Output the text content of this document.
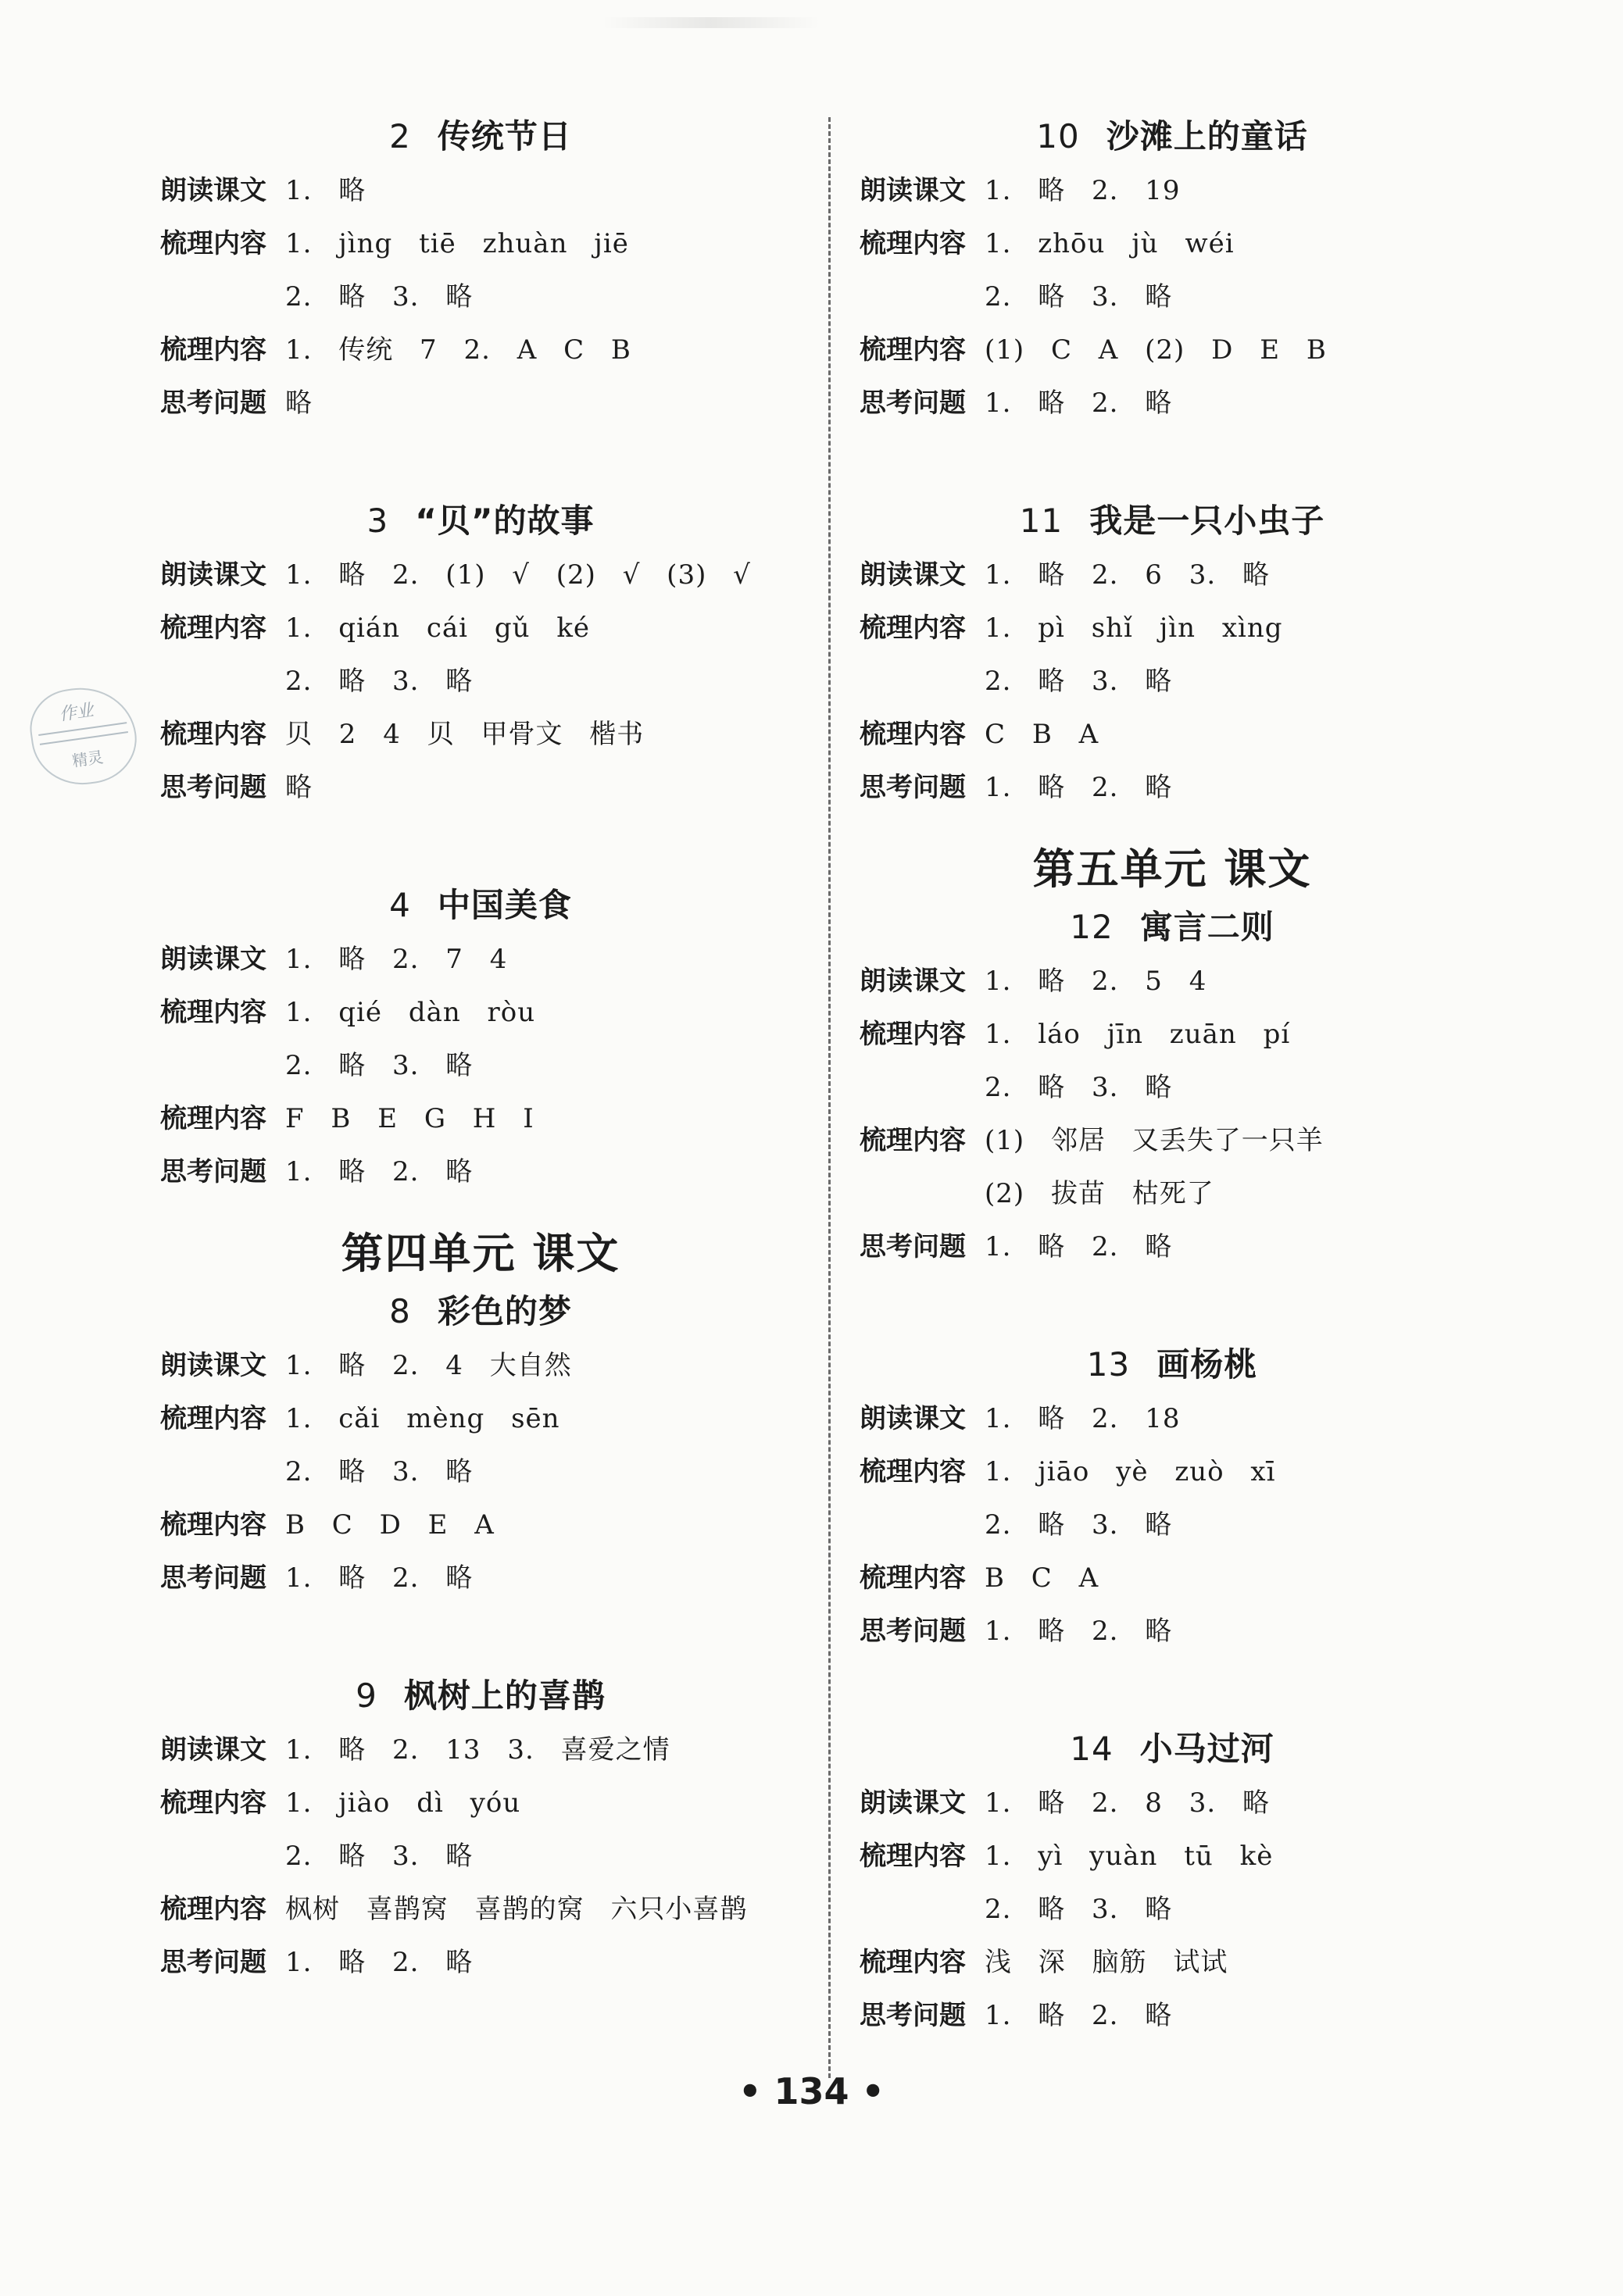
作业
精灵
2 传统节日
朗读课文 1. 略
梳理内容 1. jìng tiē zhuàn jiē
2. 略 3. 略
梳理内容 1. 传统 7 2. A C B
思考问题 略
3 “贝”的故事
朗读课文 1. 略 2. (1) √ (2) √ (3) √
梳理内容 1. qián cái gǔ ké
2. 略 3. 略
梳理内容 贝 2 4 贝 甲骨文 楷书
思考问题 略
4 中国美食
朗读课文 1. 略 2. 7 4
梳理内容 1. qié dàn ròu
2. 略 3. 略
梳理内容 F B E G H I
思考问题 1. 略 2. 略
第四单元 课文
8 彩色的梦
朗读课文 1. 略 2. 4 大自然
梳理内容 1. cǎi mèng sēn
2. 略 3. 略
梳理内容 B C D E A
思考问题 1. 略 2. 略
9 枫树上的喜鹊
朗读课文 1. 略 2. 13 3. 喜爱之情
梳理内容 1. jiào dì yóu
2. 略 3. 略
梳理内容 枫树 喜鹊窝 喜鹊的窝 六只小喜鹊
思考问题 1. 略 2. 略
10 沙滩上的童话
朗读课文 1. 略 2. 19
梳理内容 1. zhōu jù wéi
2. 略 3. 略
梳理内容 (1) C A (2) D E B
思考问题 1. 略 2. 略
11 我是一只小虫子
朗读课文 1. 略 2. 6 3. 略
梳理内容 1. pì shǐ jìn xìng
2. 略 3. 略
梳理内容 C B A
思考问题 1. 略 2. 略
第五单元 课文
12 寓言二则
朗读课文 1. 略 2. 5 4
梳理内容 1. láo jīn zuān pí
2. 略 3. 略
梳理内容 (1) 邻居 又丢失了一只羊
(2) 拔苗 枯死了
思考问题 1. 略 2. 略
13 画杨桃
朗读课文 1. 略 2. 18
梳理内容 1. jiāo yè zuò xī
2. 略 3. 略
梳理内容 B C A
思考问题 1. 略 2. 略
14 小马过河
朗读课文 1. 略 2. 8 3. 略
梳理内容 1. yì yuàn tū kè
2. 略 3. 略
梳理内容 浅 深 脑筋 试试
思考问题 1. 略 2. 略
• 134 •
